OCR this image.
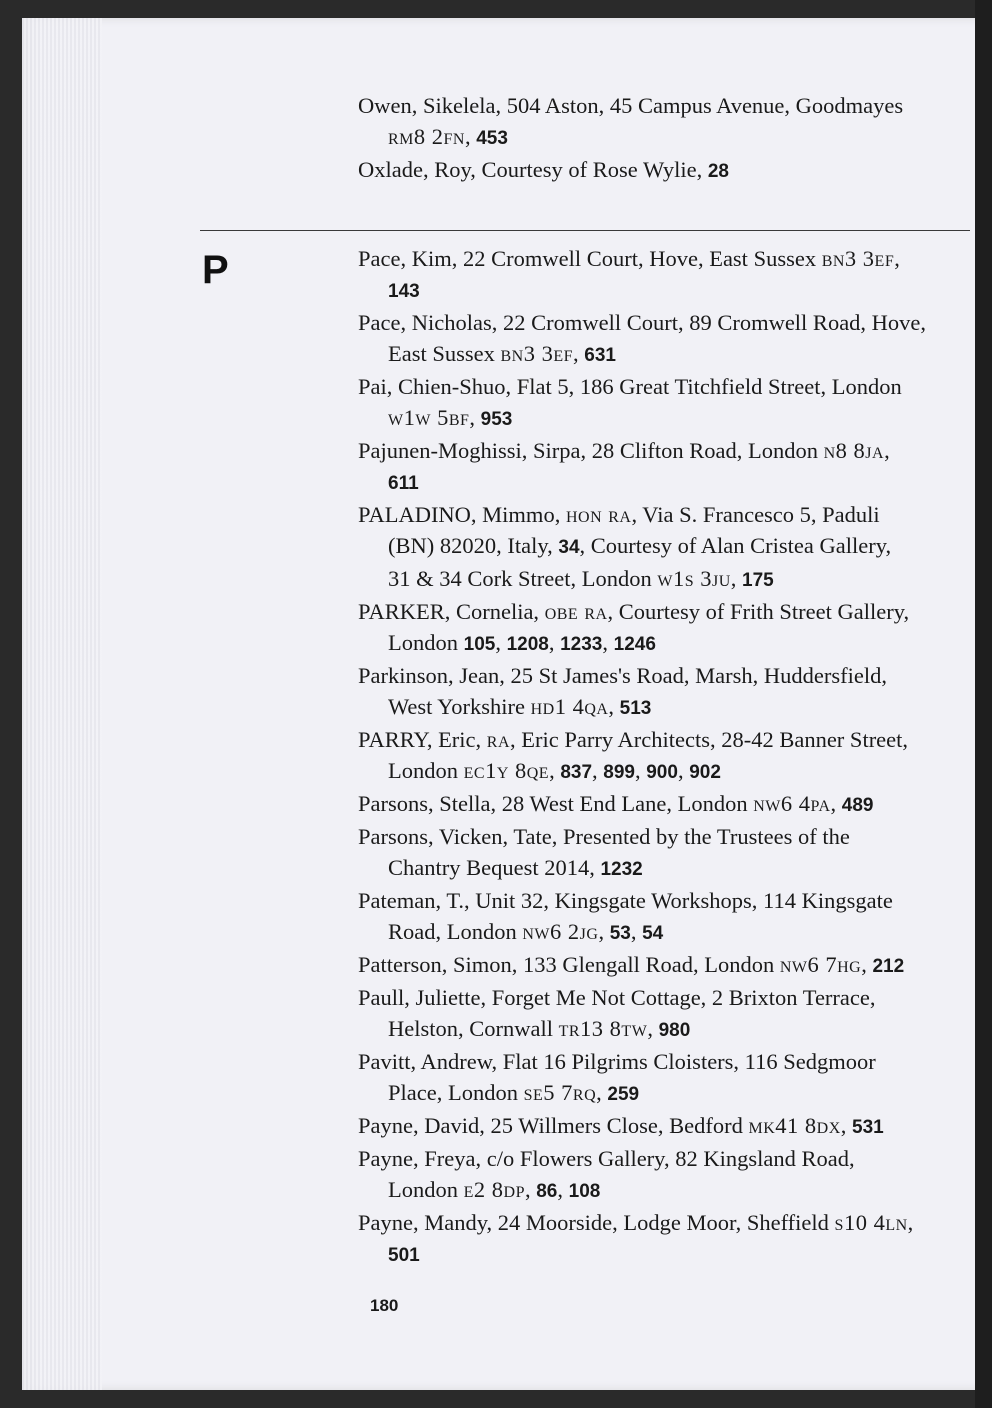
P
Owen, Sikelela, 504 Aston, 45 Campus Avenue, Goodmayes
rm8 2fn, 453
Oxlade, Roy, Courtesy of Rose Wylie, 28
Pace, Kim, 22 Cromwell Court, Hove, East Sussex bn3 3ef,
143
Pace, Nicholas, 22 Cromwell Court, 89 Cromwell Road, Hove,
East Sussex bn3 3ef, 631
Pai, Chien-Shuo, Flat 5, 186 Great Titchfield Street, London
w1w 5bf, 953
Pajunen-Moghissi, Sirpa, 28 Clifton Road, London n8 8ja,
611
PALADINO, Mimmo, hon ra, Via S. Francesco 5, Paduli
(BN) 82020, Italy, 34, Courtesy of Alan Cristea Gallery,
31 & 34 Cork Street, London w1s 3ju, 175
PARKER, Cornelia, obe ra, Courtesy of Frith Street Gallery,
London 105, 1208, 1233, 1246
Parkinson, Jean, 25 St James's Road, Marsh, Huddersfield,
West Yorkshire hd1 4qa, 513
PARRY, Eric, ra, Eric Parry Architects, 28-42 Banner Street,
London ec1y 8qe, 837, 899, 900, 902
Parsons, Stella, 28 West End Lane, London nw6 4pa, 489
Parsons, Vicken, Tate, Presented by the Trustees of the
Chantry Bequest 2014, 1232
Pateman, T., Unit 32, Kingsgate Workshops, 114 Kingsgate
Road, London nw6 2jg, 53, 54
Patterson, Simon, 133 Glengall Road, London nw6 7hg, 212
Paull, Juliette, Forget Me Not Cottage, 2 Brixton Terrace,
Helston, Cornwall tr13 8tw, 980
Pavitt, Andrew, Flat 16 Pilgrims Cloisters, 116 Sedgmoor
Place, London se5 7rq, 259
Payne, David, 25 Willmers Close, Bedford mk41 8dx, 531
Payne, Freya, c/o Flowers Gallery, 82 Kingsland Road,
London e2 8dp, 86, 108
Payne, Mandy, 24 Moorside, Lodge Moor, Sheffield s10 4ln,
501
180
